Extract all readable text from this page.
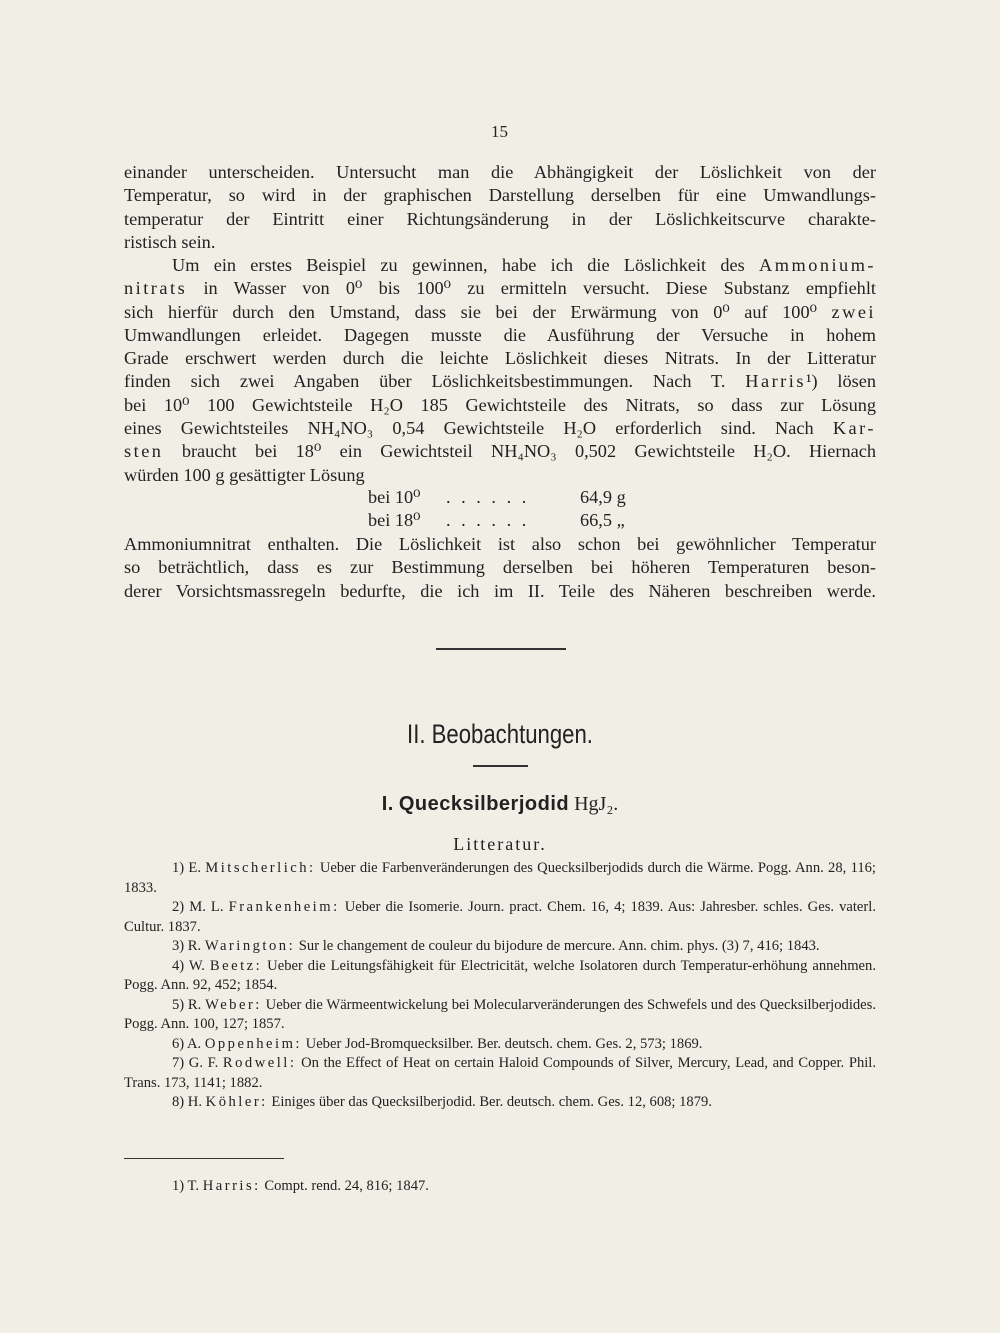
15

einander unterscheiden. Untersucht man die Abhängigkeit der Löslichkeit von der

Temperatur, so wird in der graphischen Darstellung derselben für eine Umwandlungs-

temperatur der Eintritt einer Richtungsänderung in der Löslichkeitscurve charakte-

ristisch sein.

Um ein erstes Beispiel zu gewinnen, habe ich die Löslichkeit des Ammonium-

nitrats in Wasser von 0⁰ bis 100⁰ zu ermitteln versucht. Diese Substanz empfiehlt

sich hierfür durch den Umstand, dass sie bei der Erwärmung von 0⁰ auf 100⁰ zwei

Umwandlungen erleidet. Dagegen musste die Ausführung der Versuche in hohem

Grade erschwert werden durch die leichte Löslichkeit dieses Nitrats. In der Litteratur

finden sich zwei Angaben über Löslichkeitsbestimmungen. Nach T. Harris¹) lösen

bei 10⁰ 100 Gewichtsteile H₂O 185 Gewichtsteile des Nitrats, so dass zur Lösung

eines Gewichtsteiles NH₄NO₃ 0,54 Gewichtsteile H₂O erforderlich sind. Nach Kar-

sten braucht bei 18⁰ ein Gewichtsteil NH₄NO₃ 0,502 Gewichtsteile H₂O. Hiernach

würden 100 g gesättigter Lösung

bei 10⁰ . . . . . .	64,9 g
bei 18⁰ . . . . . .	66,5 „

Ammoniumnitrat enthalten. Die Löslichkeit ist also schon bei gewöhnlicher Temperatur

so beträchtlich, dass es zur Bestimmung derselben bei höheren Temperaturen beson-

derer Vorsichtsmassregeln bedurfte, die ich im II. Teile des Näheren beschreiben werde.

II. Beobachtungen.
I. Quecksilberjodid HgJ₂.
Litteratur.

1) E. Mitscherlich: Ueber die Farbenveränderungen des Quecksilberjodids durch die Wärme. Pogg. Ann. 28, 116; 1833.

2) M. L. Frankenheim: Ueber die Isomerie. Journ. pract. Chem. 16, 4; 1839. Aus: Jahresber. schles. Ges. vaterl. Cultur. 1837.

3) R. Warington: Sur le changement de couleur du bijodure de mercure. Ann. chim. phys. (3) 7, 416; 1843.

4) W. Beetz: Ueber die Leitungsfähigkeit für Electricität, welche Isolatoren durch Temperatur-erhöhung annehmen. Pogg. Ann. 92, 452; 1854.

5) R. Weber: Ueber die Wärmeentwickelung bei Molecularveränderungen des Schwefels und des Quecksilberjodides. Pogg. Ann. 100, 127; 1857.

6) A. Oppenheim: Ueber Jod-Bromquecksilber. Ber. deutsch. chem. Ges. 2, 573; 1869.

7) G. F. Rodwell: On the Effect of Heat on certain Haloid Compounds of Silver, Mercury, Lead, and Copper. Phil. Trans. 173, 1141; 1882.

8) H. Köhler: Einiges über das Quecksilberjodid. Ber. deutsch. chem. Ges. 12, 608; 1879.

1) T. Harris: Compt. rend. 24, 816; 1847.
